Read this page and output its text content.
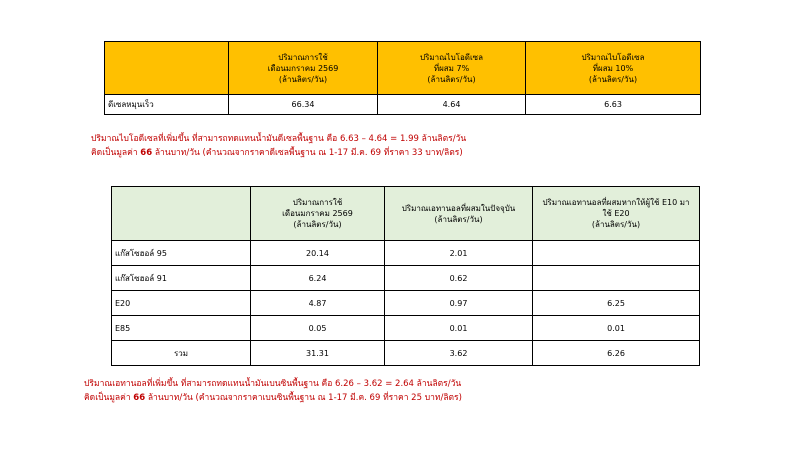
	ปริมาณการใช้
เดือนมกราคม 2569
(ล้านลิตร/วัน)	ปริมาณไบโอดีเซล
ที่ผสม 7%
(ล้านลิตร/วัน)	ปริมาณไบโอดีเซล
ที่ผสม 10%
(ล้านลิตร/วัน)

ดีเซลหมุนเร็ว	66.34	4.64	6.63
ปริมาณไบโอดีเซลที่เพิ่มขึ้น ที่สามารถทดแทนน้ำมันดีเซลพื้นฐาน คือ 6.63 – 4.64 = 1.99 ล้านลิตร/วัน
คิดเป็นมูลค่า 66 ล้านบาท/วัน (คำนวณจากราคาดีเซลพื้นฐาน ณ 1-17 มี.ค. 69 ที่ราคา 33 บาท/ลิตร)

	ปริมาณการใช้
เดือนมกราคม 2569
(ล้านลิตร/วัน)	ปริมาณเอทานอลที่ผสมในปัจจุบัน
(ล้านลิตร/วัน)	ปริมาณเอทานอลที่ผสมหากให้ผู้ใช้ E10 มา
ใช้ E20
(ล้านลิตร/วัน)

แก๊สโซฮอล์ 95	20.14	2.01	
แก๊สโซฮอล์ 91	6.24	0.62	
E20	4.87	0.97	6.25
E85	0.05	0.01	0.01
รวม	31.31	3.62	6.26
ปริมาณเอทานอลที่เพิ่มขึ้น ที่สามารถทดแทนน้ำมันเบนซินพื้นฐาน คือ 6.26 – 3.62 = 2.64 ล้านลิตร/วัน
คิดเป็นมูลค่า 66 ล้านบาท/วัน (คำนวณจากราคาเบนซินพื้นฐาน ณ 1-17 มี.ค. 69 ที่ราคา 25 บาท/ลิตร)
